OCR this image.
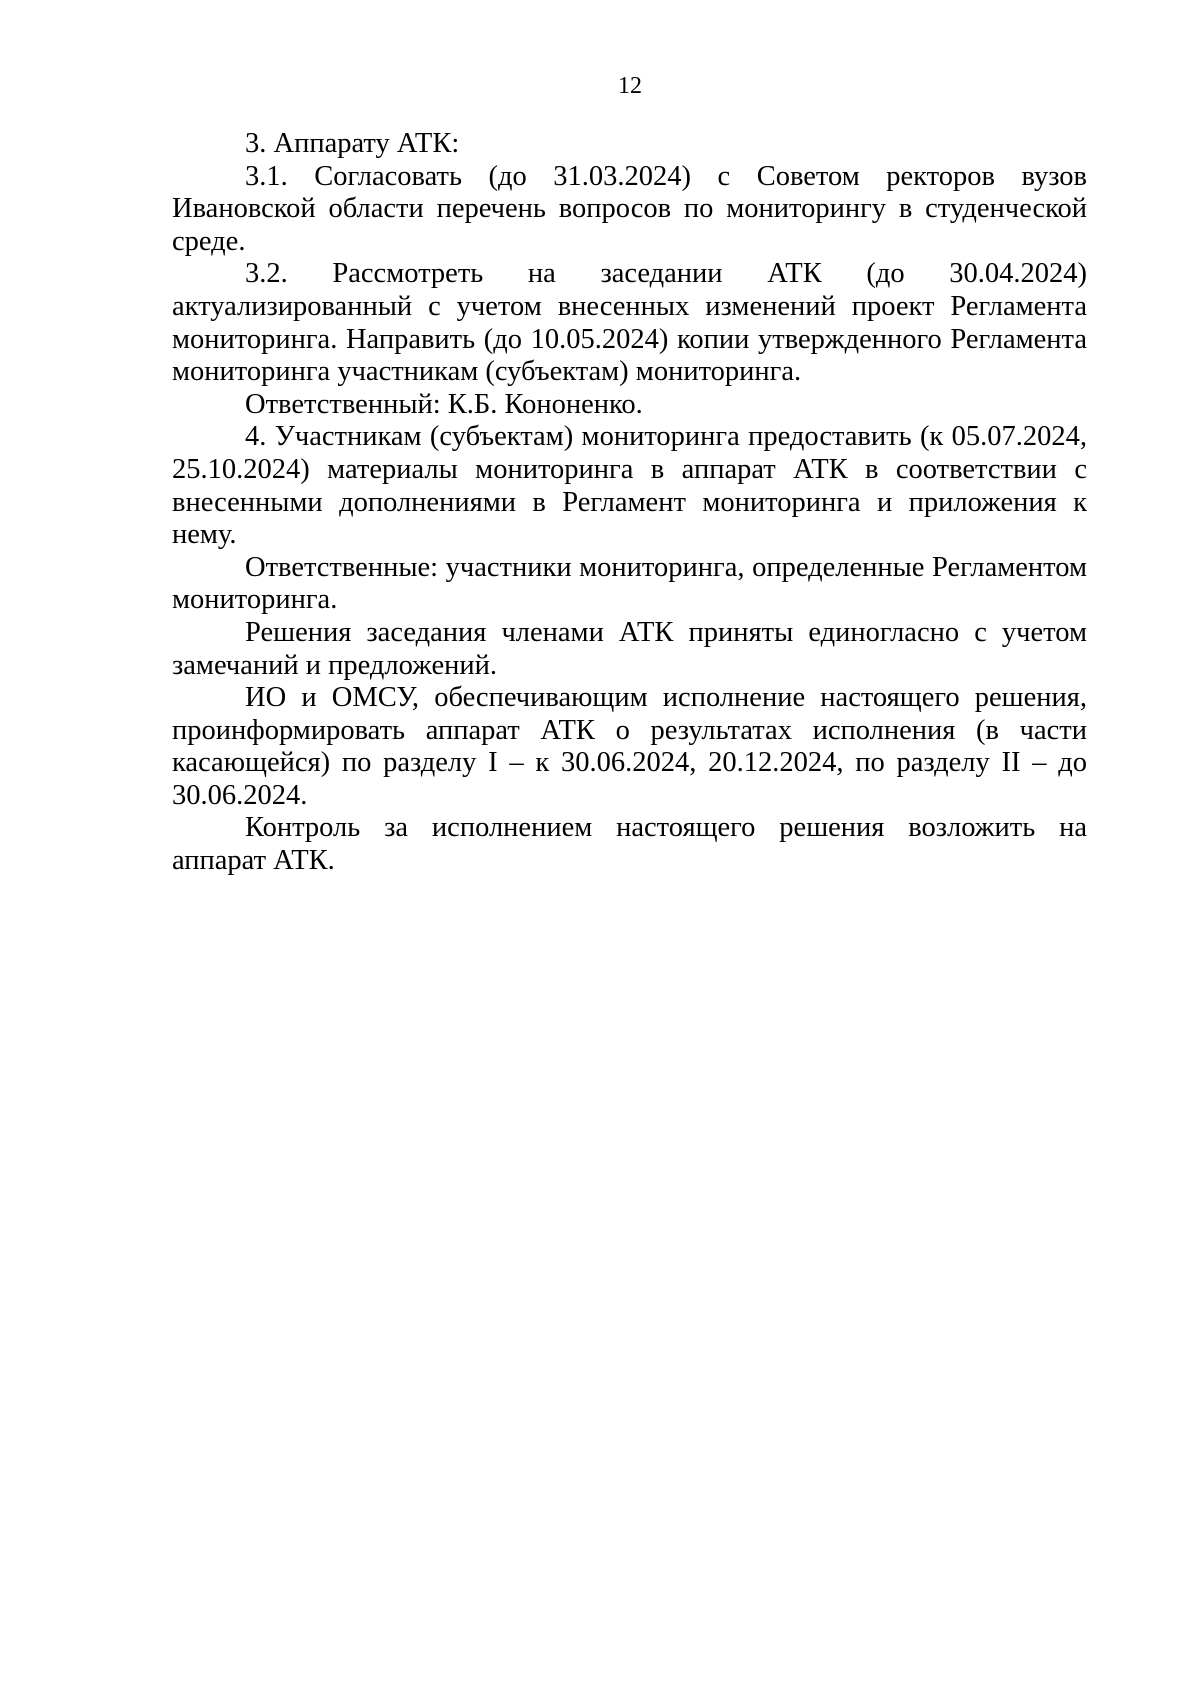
12

3. Аппарату АТК:

3.1. Согласовать (до 31.03.2024) с Советом ректоров вузов Ивановской области перечень вопросов по мониторингу в студенческой среде.

3.2. Рассмотреть на заседании АТК (до 30.04.2024) актуализированный с учетом внесенных изменений проект Регламента мониторинга. Направить (до 10.05.2024) копии утвержденного Регламента мониторинга участникам (субъектам) мониторинга.

Ответственный: К.Б. Кононенко.

4. Участникам (субъектам) мониторинга предоставить (к 05.07.2024, 25.10.2024) материалы мониторинга в аппарат АТК в соответствии с внесенными дополнениями в Регламент мониторинга и приложения к нему.

Ответственные: участники мониторинга, определенные Регламентом мониторинга.

Решения заседания членами АТК приняты единогласно с учетом замечаний и предложений.

ИО и ОМСУ, обеспечивающим исполнение настоящего решения, проинформировать аппарат АТК о результатах исполнения (в части касающейся) по разделу I – к 30.06.2024, 20.12.2024, по разделу II – до 30.06.2024.

Контроль за исполнением настоящего решения возложить на аппарат АТК.
